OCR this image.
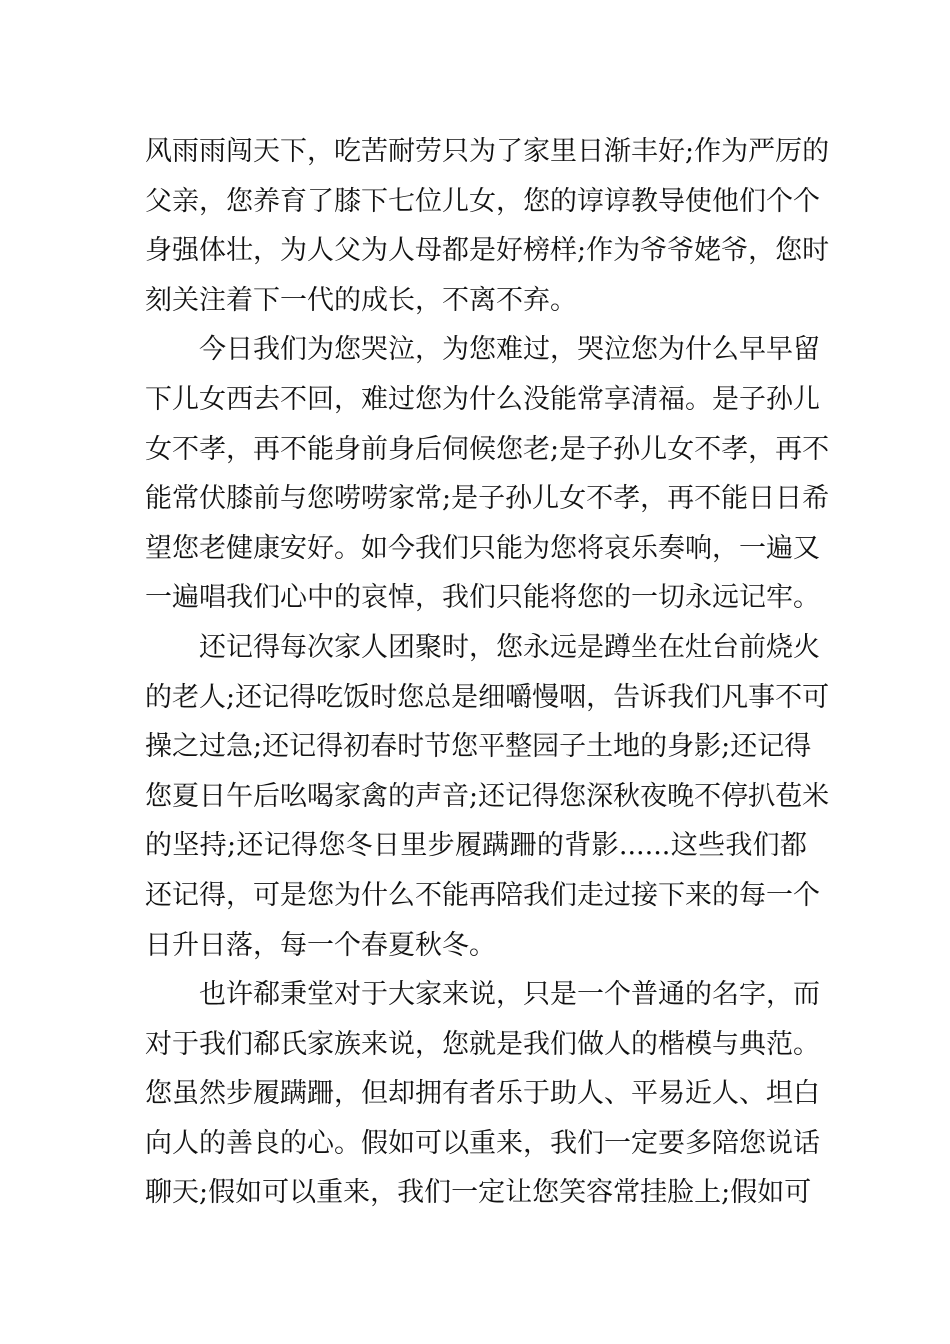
风雨雨闯天下，吃苦耐劳只为了家里日渐丰好;作为严厉的
父亲，您养育了膝下七位儿女，您的谆谆教导使他们个个
身强体壮，为人父为人母都是好榜样;作为爷爷姥爷，您时
刻关注着下一代的成长，不离不弃。
今日我们为您哭泣，为您难过，哭泣您为什么早早留
下儿女西去不回，难过您为什么没能常享清福。是子孙儿
女不孝，再不能身前身后伺候您老;是子孙儿女不孝，再不
能常伏膝前与您唠唠家常;是子孙儿女不孝，再不能日日希
望您老健康安好。如今我们只能为您将哀乐奏响，一遍又
一遍唱我们心中的哀悼，我们只能将您的一切永远记牢。
还记得每次家人团聚时，您永远是蹲坐在灶台前烧火
的老人;还记得吃饭时您总是细嚼慢咽，告诉我们凡事不可
操之过急;还记得初春时节您平整园子土地的身影;还记得
您夏日午后吆喝家禽的声音;还记得您深秋夜晚不停扒苞米
的坚持;还记得您冬日里步履蹒跚的背影......这些我们都
还记得，可是您为什么不能再陪我们走过接下来的每一个
日升日落，每一个春夏秋冬。
也许郗秉堂对于大家来说，只是一个普通的名字，而
对于我们郗氏家族来说，您就是我们做人的楷模与典范。
您虽然步履蹒跚，但却拥有者乐于助人、平易近人、坦白
向人的善良的心。假如可以重来，我们一定要多陪您说话
聊天;假如可以重来，我们一定让您笑容常挂脸上;假如可
